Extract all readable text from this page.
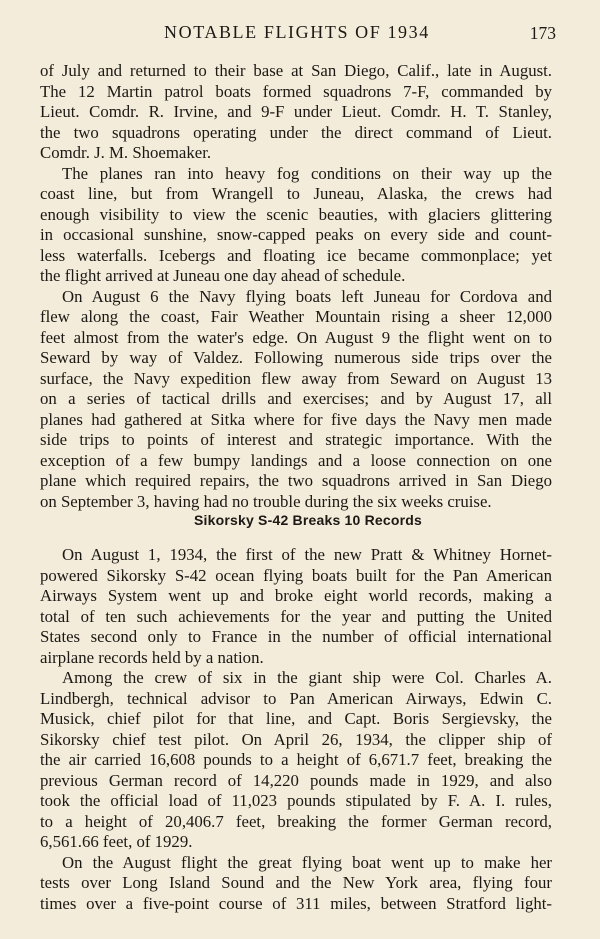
NOTABLE FLIGHTS OF 1934	173
of July and returned to their base at San Diego, Calif., late in August.
The 12 Martin patrol boats formed squadrons 7-F, commanded by
Lieut. Comdr. R. Irvine, and 9-F under Lieut. Comdr. H. T. Stanley,
the two squadrons operating under the direct command of Lieut.
Comdr. J. M. Shoemaker.
The planes ran into heavy fog conditions on their way up the
coast line, but from Wrangell to Juneau, Alaska, the crews had
enough visibility to view the scenic beauties, with glaciers glittering
in occasional sunshine, snow-capped peaks on every side and count-
less waterfalls. Icebergs and floating ice became commonplace; yet
the flight arrived at Juneau one day ahead of schedule.
On August 6 the Navy flying boats left Juneau for Cordova and
flew along the coast, Fair Weather Mountain rising a sheer 12,000
feet almost from the water's edge. On August 9 the flight went on to
Seward by way of Valdez. Following numerous side trips over the
surface, the Navy expedition flew away from Seward on August 13
on a series of tactical drills and exercises; and by August 17, all
planes had gathered at Sitka where for five days the Navy men made
side trips to points of interest and strategic importance. With the
exception of a few bumpy landings and a loose connection on one
plane which required repairs, the two squadrons arrived in San Diego
on September 3, having had no trouble during the six weeks cruise.
Sikorsky S-42 Breaks 10 Records
On August 1, 1934, the first of the new Pratt & Whitney Hornet-
powered Sikorsky S-42 ocean flying boats built for the Pan American
Airways System went up and broke eight world records, making a
total of ten such achievements for the year and putting the United
States second only to France in the number of official international
airplane records held by a nation.
Among the crew of six in the giant ship were Col. Charles A.
Lindbergh, technical advisor to Pan American Airways, Edwin C.
Musick, chief pilot for that line, and Capt. Boris Sergievsky, the
Sikorsky chief test pilot. On April 26, 1934, the clipper ship of
the air carried 16,608 pounds to a height of 6,671.7 feet, breaking the
previous German record of 14,220 pounds made in 1929, and also
took the official load of 11,023 pounds stipulated by F. A. I. rules,
to a height of 20,406.7 feet, breaking the former German record,
6,561.66 feet, of 1929.
On the August flight the great flying boat went up to make her
tests over Long Island Sound and the New York area, flying four
times over a five-point course of 311 miles, between Stratford light-
